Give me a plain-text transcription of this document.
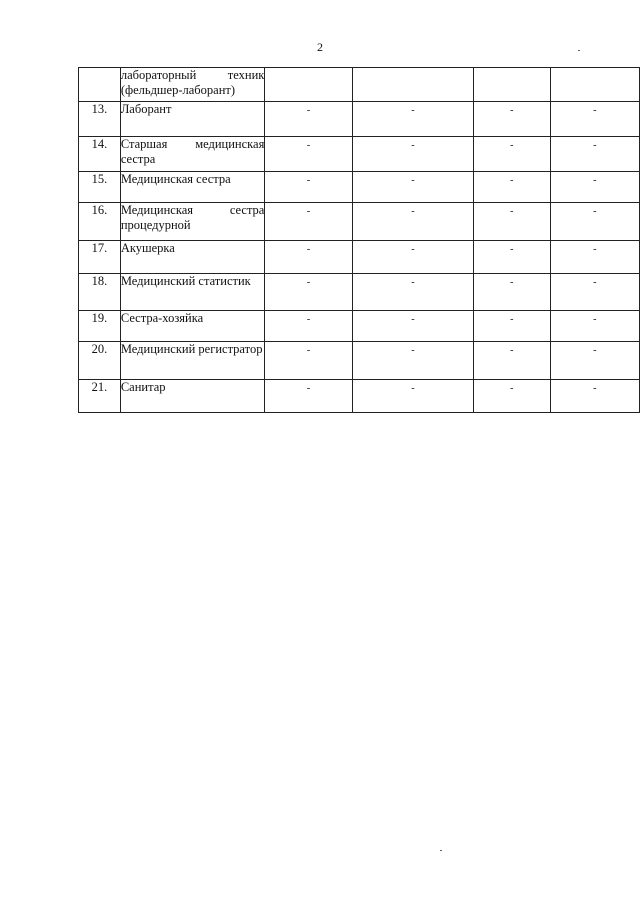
2
	лабораторный техник (фельдшер-лаборант)				
13.	Лаборант	-	-	-	-
14.	Старшая медицинская сестра	-	-	-	-
15.	Медицинская сестра	-	-	-	-
16.	Медицинская сестра процедурной	-	-	-	-
17.	Акушерка	-	-	-	-
18.	Медицинский статистик	-	-	-	-
19.	Сестра-хозяйка	-	-	-	-
20.	Медицинский регистратор	-	-	-	-
21.	Санитар	-	-	-	-
